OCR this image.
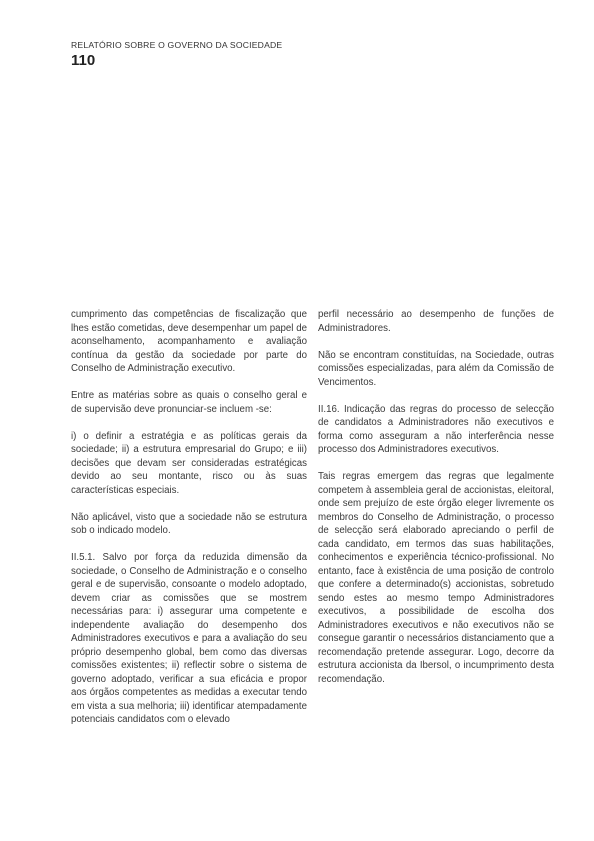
RELATÓRIO SOBRE O GOVERNO DA SOCIEDADE
110

cumprimento das competências de fiscalização que lhes estão cometidas, deve desempenhar um papel de aconselhamento, acompanhamento e avaliação contínua da gestão da sociedade por parte do Conselho de Administração executivo.

Entre as matérias sobre as quais o conselho geral e de supervisão deve pronunciar-se incluem -se:

i) o definir a estratégia e as políticas gerais da sociedade; ii) a estrutura empresarial do Grupo; e iii) decisões que devam ser consideradas estratégicas devido ao seu montante, risco ou às suas características especiais.

Não aplicável, visto que a sociedade não se estrutura sob o indicado modelo.

II.5.1. Salvo por força da reduzida dimensão da sociedade, o Conselho de Administração e o conselho geral e de supervisão, consoante o modelo adoptado, devem criar as comissões que se mostrem necessárias para: i) assegurar uma competente e independente avaliação do desempenho dos Administradores executivos e para a avaliação do seu próprio desempenho global, bem como das diversas comissões existentes; ii) reflectir sobre o sistema de governo adoptado, verificar a sua eficácia e propor aos órgãos competentes as medidas a executar tendo em vista a sua melhoria; iii) identificar atempadamente potenciais candidatos com o elevado

perfil necessário ao desempenho de funções de Administradores.

Não se encontram constituídas, na Sociedade, outras comissões especializadas, para além da Comissão de Vencimentos.

II.16. Indicação das regras do processo de selecção de candidatos a Administradores não executivos e forma como asseguram a não interferência nesse processo dos Administradores executivos.

Tais regras emergem das regras que legalmente competem à assembleia geral de accionistas, eleitoral, onde sem prejuízo de este órgão eleger livremente os membros do Conselho de Administração, o processo de selecção será elaborado apreciando o perfil de cada candidato, em termos das suas habilitações, conhecimentos e experiência técnico-profissional. No entanto, face à existência de uma posição de controlo que confere a determinado(s) accionistas, sobretudo sendo estes ao mesmo tempo Administradores executivos, a possibilidade de escolha dos Administradores executivos e não executivos não se consegue garantir o necessários distanciamento que a recomendação pretende assegurar. Logo, decorre da estrutura accionista da Ibersol, o incumprimento desta recomendação.
